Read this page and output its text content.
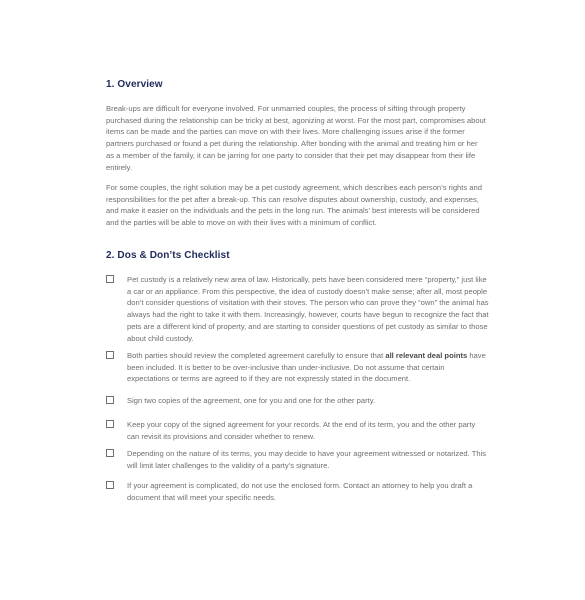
1. Overview

Break-ups are difficult for everyone involved. For unmarried couples, the process of sifting through property purchased during the relationship can be tricky at best, agonizing at worst. For the most part, compromises about items can be made and the parties can move on with their lives. More challenging issues arise if the former partners purchased or found a pet during the relationship. After bonding with the animal and treating him or her as a member of the family, it can be jarring for one party to consider that their pet may disappear from their life entirely.

For some couples, the right solution may be a pet custody agreement, which describes each person’s rights and responsibilities for the pet after a break-up. This can resolve disputes about ownership, custody, and expenses, and make it easier on the individuals and the pets in the long run. The animals’ best interests will be considered and the parties will be able to move on with their lives with a minimum of conflict.

2. Dos & Don’ts Checklist

Pet custody is a relatively new area of law. Historically, pets have been considered mere “property,” just like a car or an appliance. From this perspective, the idea of custody doesn’t make sense; after all, most people don’t consider questions of visitation with their stoves. The person who can prove they “own” the animal has always had the right to take it with them. Increasingly, however, courts have begun to recognize the fact that pets are a different kind of property, and are starting to consider questions of pet custody as similar to those about child custody.

Both parties should review the completed agreement carefully to ensure that all relevant deal points have been included. It is better to be over-inclusive than under-inclusive. Do not assume that certain expectations or terms are agreed to if they are not expressly stated in the document.

Sign two copies of the agreement, one for you and one for the other party.

Keep your copy of the signed agreement for your records. At the end of its term, you and the other party can revisit its provisions and consider whether to renew.

Depending on the nature of its terms, you may decide to have your agreement witnessed or notarized. This will limit later challenges to the validity of a party’s signature.

If your agreement is complicated, do not use the enclosed form. Contact an attorney to help you draft a document that will meet your specific needs.
